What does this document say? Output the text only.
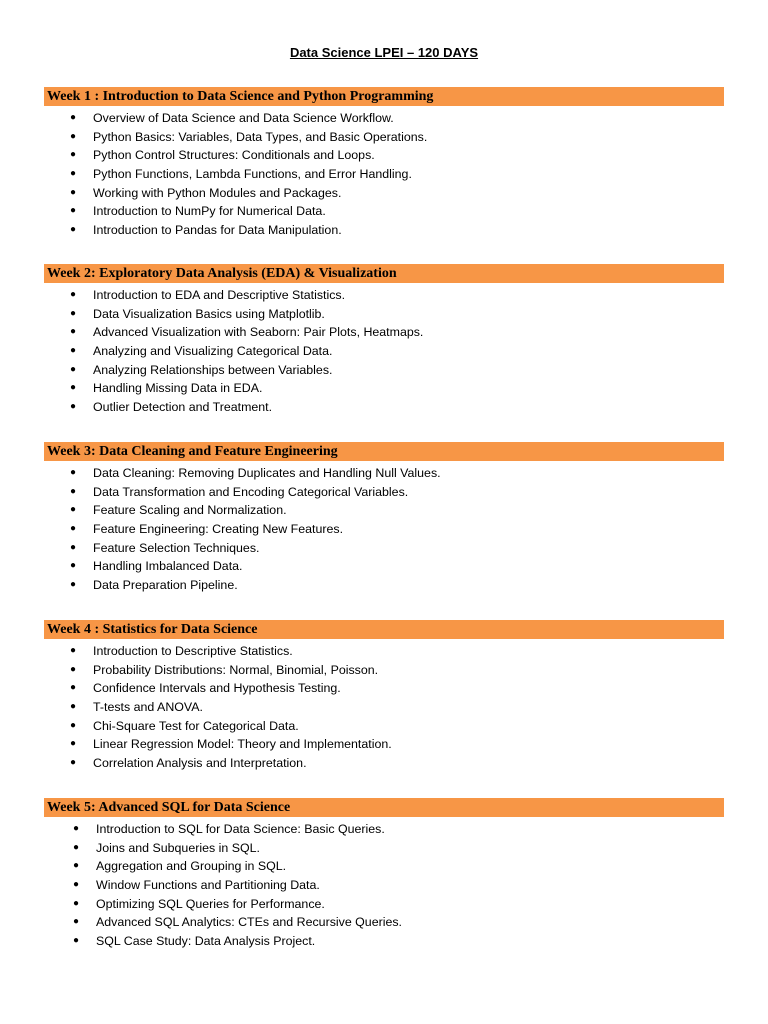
Data Science LPEI – 120 DAYS
Week 1 : Introduction to Data Science and Python Programming
● Overview of Data Science and Data Science Workflow.
● Python Basics: Variables, Data Types, and Basic Operations.
● Python Control Structures: Conditionals and Loops.
● Python Functions, Lambda Functions, and Error Handling.
● Working with Python Modules and Packages.
● Introduction to NumPy for Numerical Data.
● Introduction to Pandas for Data Manipulation.
Week 2: Exploratory Data Analysis (EDA) & Visualization
● Introduction to EDA and Descriptive Statistics.
● Data Visualization Basics using Matplotlib.
● Advanced Visualization with Seaborn: Pair Plots, Heatmaps.
● Analyzing and Visualizing Categorical Data.
● Analyzing Relationships between Variables.
● Handling Missing Data in EDA.
● Outlier Detection and Treatment.
Week 3: Data Cleaning and Feature Engineering
● Data Cleaning: Removing Duplicates and Handling Null Values.
● Data Transformation and Encoding Categorical Variables.
● Feature Scaling and Normalization.
● Feature Engineering: Creating New Features.
● Feature Selection Techniques.
● Handling Imbalanced Data.
● Data Preparation Pipeline.
Week 4 : Statistics for Data Science
● Introduction to Descriptive Statistics.
● Probability Distributions: Normal, Binomial, Poisson.
● Confidence Intervals and Hypothesis Testing.
● T-tests and ANOVA.
● Chi-Square Test for Categorical Data.
● Linear Regression Model: Theory and Implementation.
● Correlation Analysis and Interpretation.
Week 5: Advanced SQL for Data Science
● Introduction to SQL for Data Science: Basic Queries.
● Joins and Subqueries in SQL.
● Aggregation and Grouping in SQL.
● Window Functions and Partitioning Data.
● Optimizing SQL Queries for Performance.
● Advanced SQL Analytics: CTEs and Recursive Queries.
● SQL Case Study: Data Analysis Project.
